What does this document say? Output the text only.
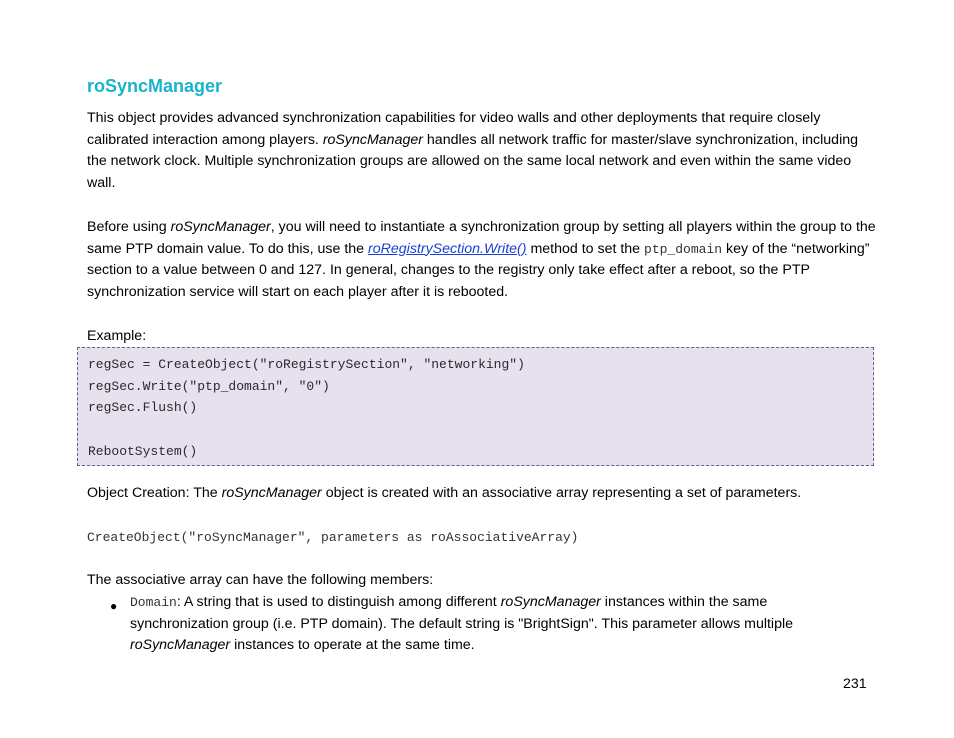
roSyncManager
This object provides advanced synchronization capabilities for video walls and other deployments that require closely calibrated interaction among players. roSyncManager handles all network traffic for master/slave synchronization, including the network clock. Multiple synchronization groups are allowed on the same local network and even within the same video wall.
Before using roSyncManager, you will need to instantiate a synchronization group by setting all players within the group to the same PTP domain value. To do this, use the roRegistrySection.Write() method to set the ptp_domain key of the “networking” section to a value between 0 and 127. In general, changes to the registry only take effect after a reboot, so the PTP synchronization service will start on each player after it is rebooted.
Example:
regSec = CreateObject("roRegistrySection", "networking")
regSec.Write("ptp_domain", "0")
regSec.Flush()
RebootSystem()
Object Creation: The roSyncManager object is created with an associative array representing a set of parameters.
CreateObject("roSyncManager", parameters as roAssociativeArray)
The associative array can have the following members:
● Domain: A string that is used to distinguish among different roSyncManager instances within the same synchronization group (i.e. PTP domain). The default string is "BrightSign". This parameter allows multiple roSyncManager instances to operate at the same time.
231
